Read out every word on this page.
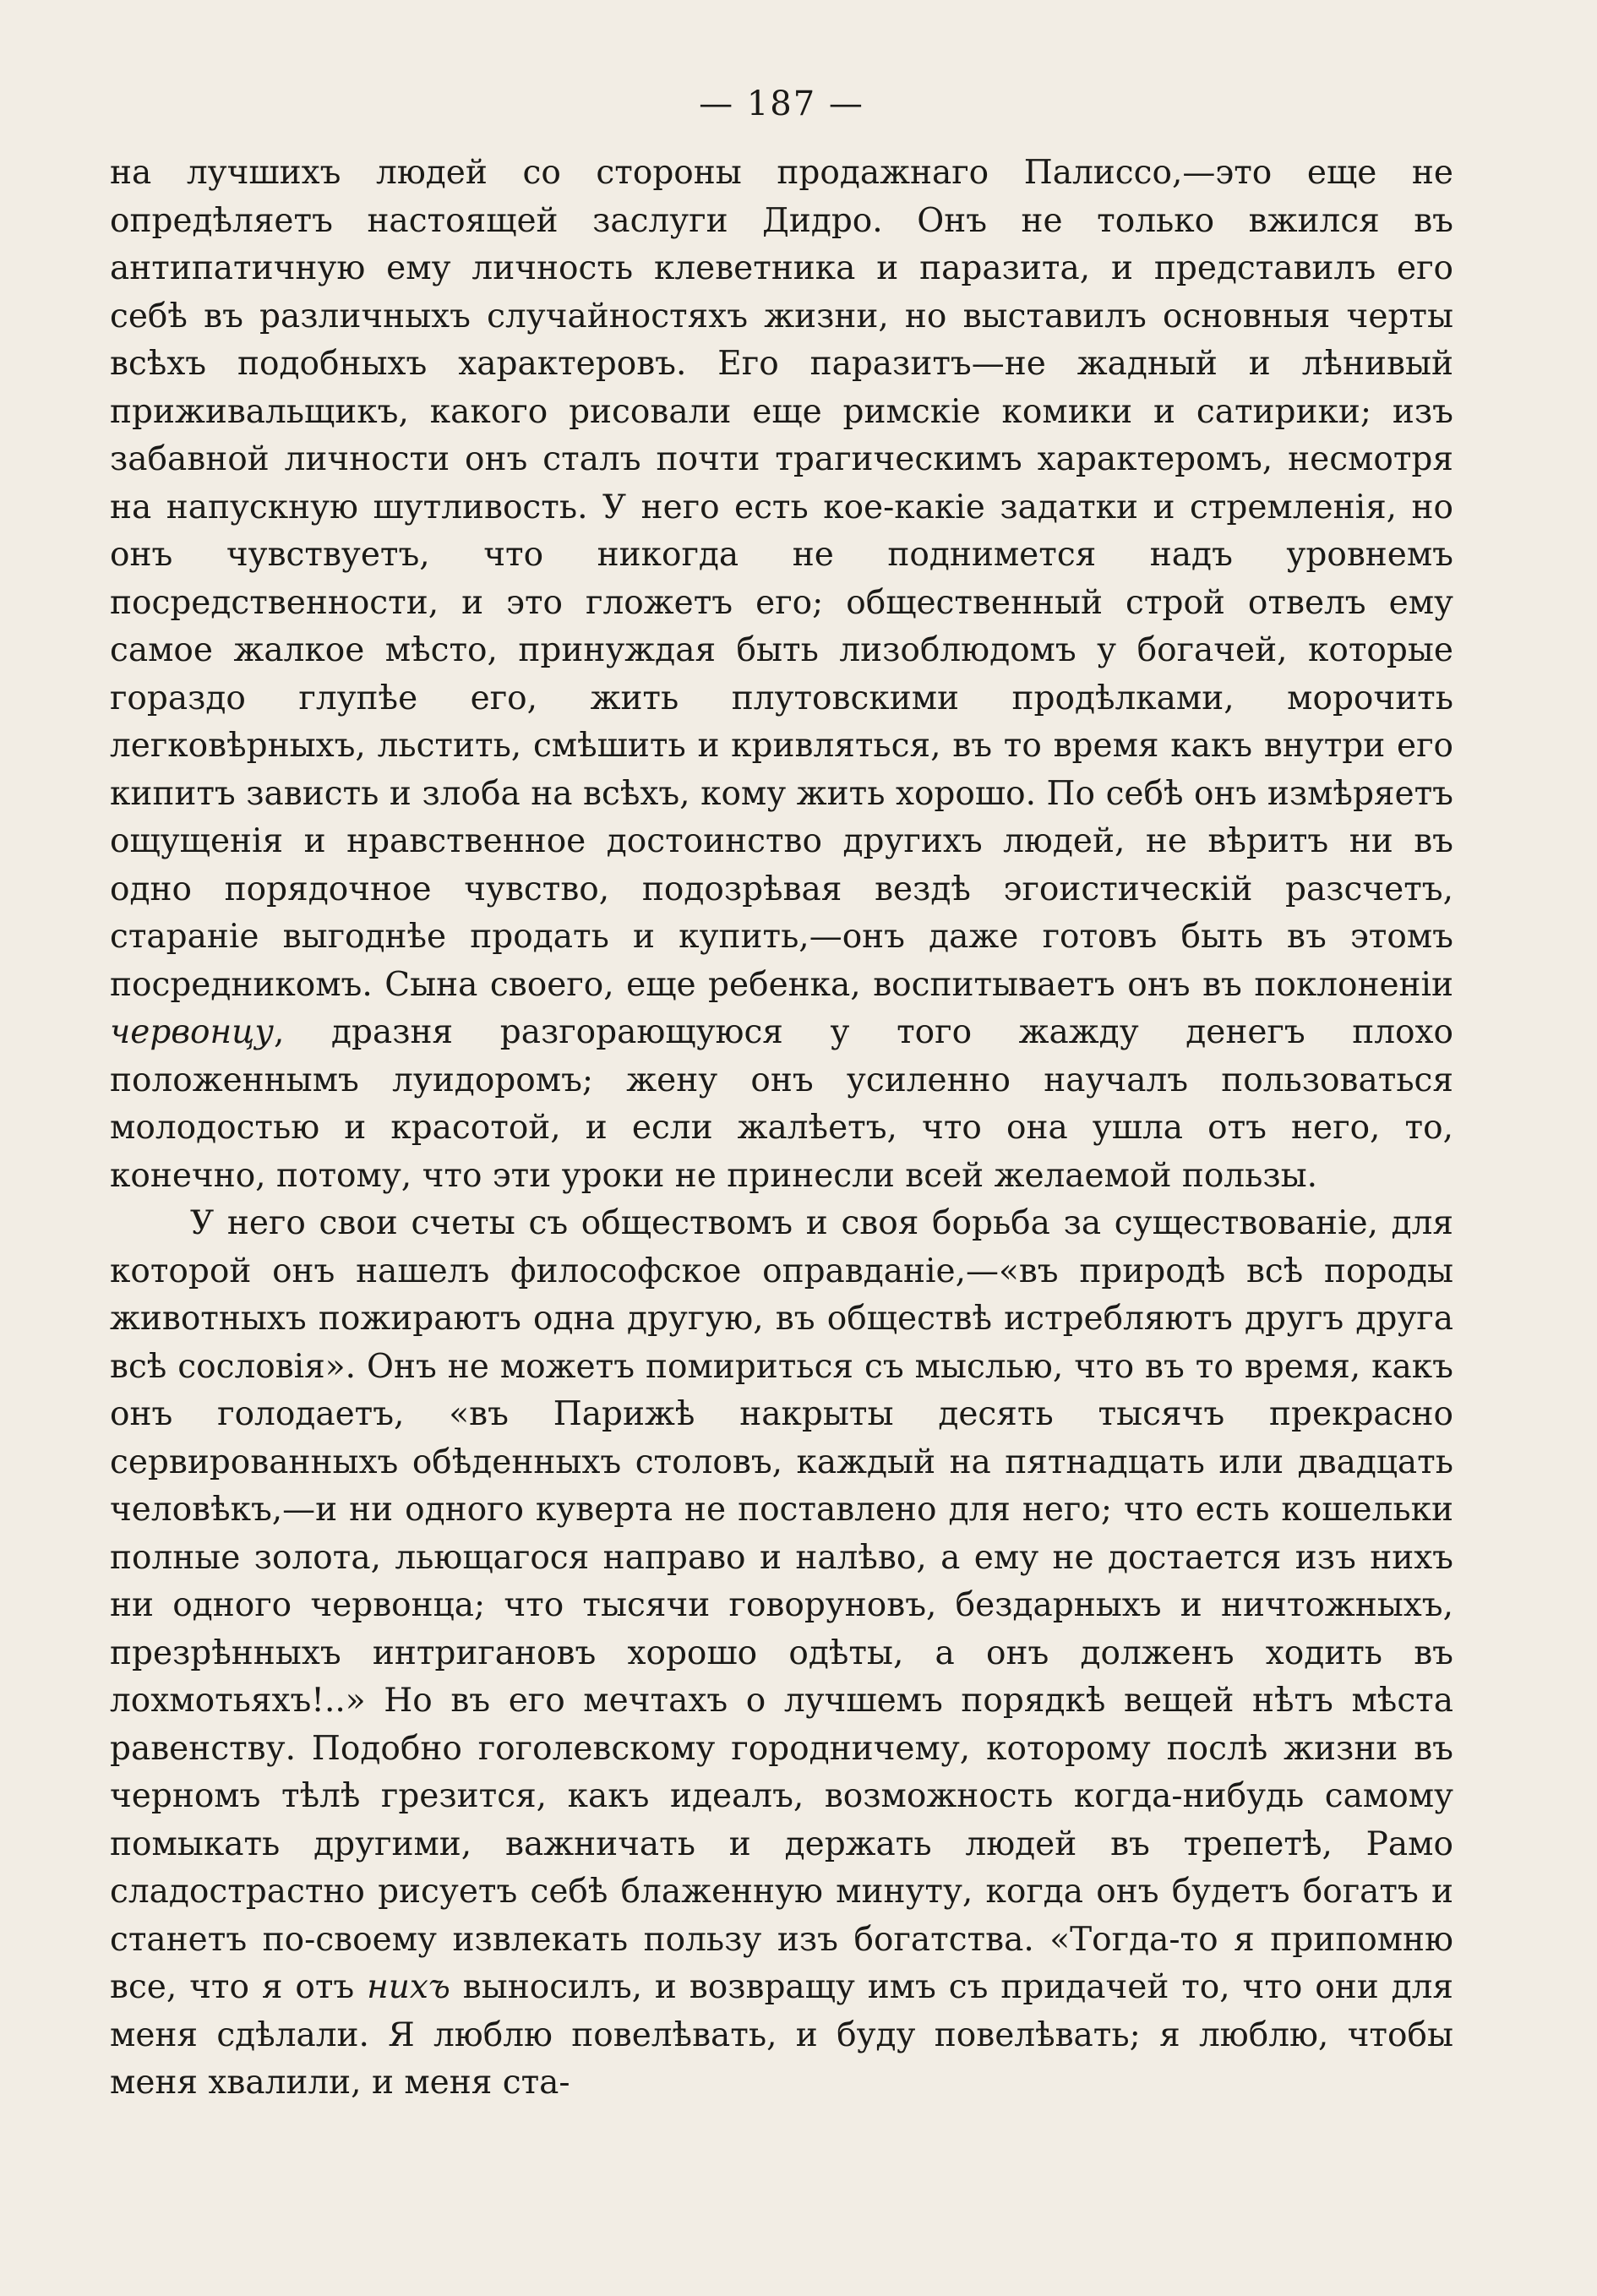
— 187 —

на лучшихъ людей со стороны продажнаго Палиссо,—это еще не опредѣляетъ настоящей заслуги Дидро. Онъ не только вжился въ антипатичную ему личность клеветника и паразита, и представилъ его себѣ въ различныхъ случайностяхъ жизни, но выставилъ основныя черты всѣхъ подобныхъ характеровъ. Его паразитъ—не жадный и лѣнивый приживальщикъ, какого рисовали еще римскіе комики и сатирики; изъ забавной личности онъ сталъ почти трагическимъ характеромъ, несмотря на напускную шутливость. У него есть кое-какіе задатки и стремленія, но онъ чувствуетъ, что никогда не поднимется надъ уровнемъ посредственности, и это гложетъ его; общественный строй отвелъ ему самое жалкое мѣсто, принуждая быть лизоблюдомъ у богачей, которые гораздо глупѣе его, жить плутовскими продѣлками, морочить легковѣрныхъ, льстить, смѣшить и кривляться, въ то время какъ внутри его кипитъ зависть и злоба на всѣхъ, кому жить хорошо. По себѣ онъ измѣряетъ ощущенія и нравственное достоинство другихъ людей, не вѣритъ ни въ одно порядочное чувство, подозрѣвая вездѣ эгоистическій разсчетъ, стараніе выгоднѣе продать и купить,—онъ даже готовъ быть въ этомъ посредникомъ. Сына своего, еще ребенка, воспитываетъ онъ въ поклоненіи червонцу, дразня разгорающуюся у того жажду денегъ плохо положеннымъ луидоромъ; жену онъ усиленно научалъ пользоваться молодостью и красотой, и если жалѣетъ, что она ушла отъ него, то, конечно, потому, что эти уроки не принесли всей желаемой пользы.

У него свои счеты съ обществомъ и своя борьба за существованіе, для которой онъ нашелъ философское оправданіе,—«въ природѣ всѣ породы животныхъ пожираютъ одна другую, въ обществѣ истребляютъ другъ друга всѣ сословія». Онъ не можетъ помириться съ мыслью, что въ то время, какъ онъ голодаетъ, «въ Парижѣ накрыты десять тысячъ прекрасно сервированныхъ обѣденныхъ столовъ, каждый на пятнадцать или двадцать человѣкъ,—и ни одного куверта не поставлено для него; что есть кошельки полные золота, льющагося направо и налѣво, а ему не достается изъ нихъ ни одного червонца; что тысячи говоруновъ, бездарныхъ и ничтожныхъ, презрѣнныхъ интригановъ хорошо одѣты, а онъ долженъ ходить въ лохмотьяхъ!..» Но въ его мечтахъ о лучшемъ порядкѣ вещей нѣтъ мѣста равенству. Подобно гоголевскому городничему, которому послѣ жизни въ черномъ тѣлѣ грезится, какъ идеалъ, возможность когда-нибудь самому помыкать другими, важничать и держать людей въ трепетѣ, Рамо сладострастно рисуетъ себѣ блаженную минуту, когда онъ будетъ богатъ и станетъ по-своему извлекать пользу изъ богатства. «Тогда-то я припомню все, что я отъ нихъ выносилъ, и возвращу имъ съ придачей то, что они для меня сдѣлали. Я люблю повелѣвать, и буду повелѣвать; я люблю, чтобы меня хвалили, и меня ста-
